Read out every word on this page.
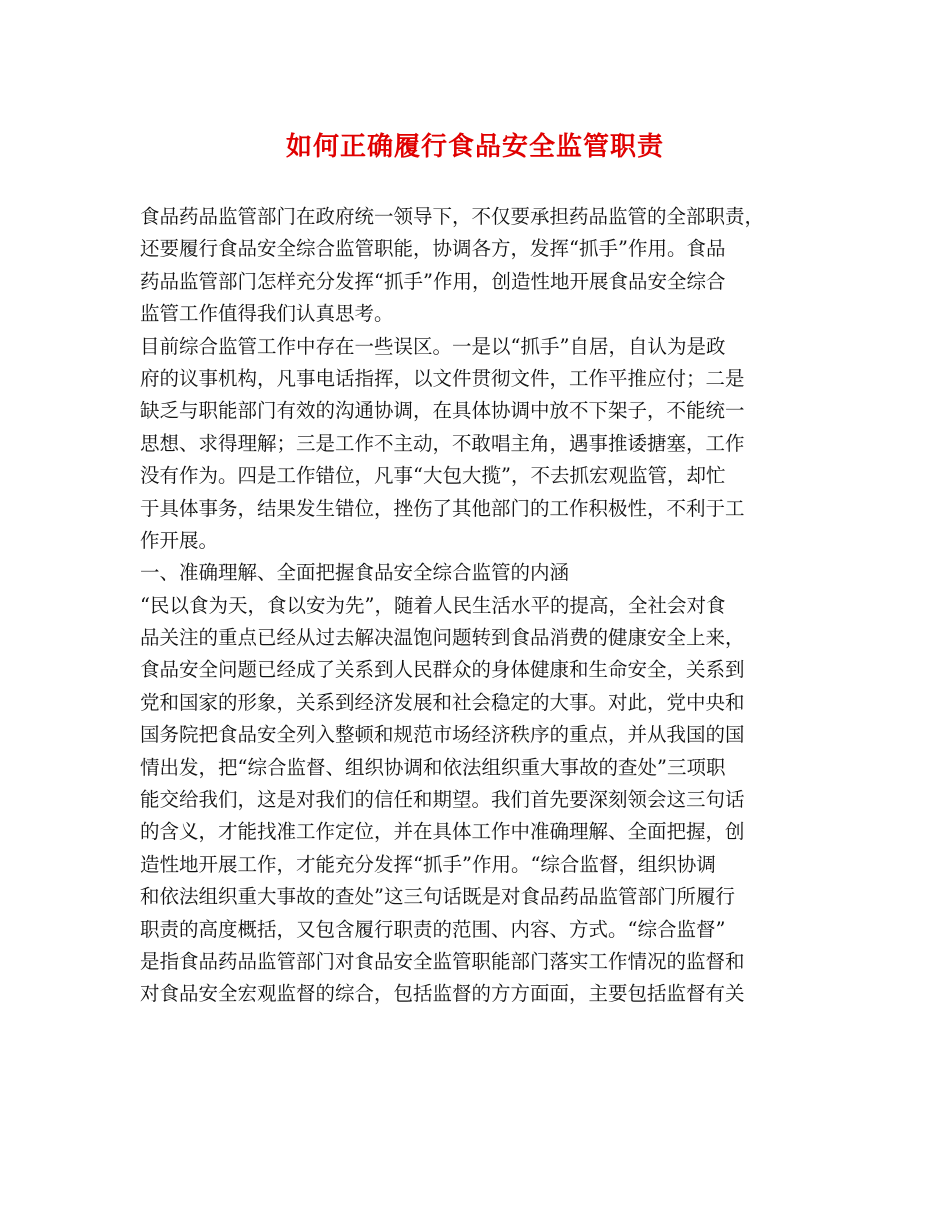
如何正确履行食品安全监管职责
食品药品监管部门在政府统一领导下，不仅要承担药品监管的全部职责，
还要履行食品安全综合监管职能，协调各方，发挥“抓手”作用。食品
药品监管部门怎样充分发挥“抓手”作用，创造性地开展食品安全综合
监管工作值得我们认真思考。
目前综合监管工作中存在一些误区。一是以“抓手”自居，自认为是政
府的议事机构，凡事电话指挥，以文件贯彻文件，工作平推应付；二是
缺乏与职能部门有效的沟通协调，在具体协调中放不下架子，不能统一
思想、求得理解；三是工作不主动，不敢唱主角，遇事推诿搪塞，工作
没有作为。四是工作错位，凡事“大包大揽”，不去抓宏观监管，却忙
于具体事务，结果发生错位，挫伤了其他部门的工作积极性，不利于工
作开展。
一、准确理解、全面把握食品安全综合监管的内涵
“民以食为天，食以安为先”，随着人民生活水平的提高，全社会对食
品关注的重点已经从过去解决温饱问题转到食品消费的健康安全上来，
食品安全问题已经成了关系到人民群众的身体健康和生命安全，关系到
党和国家的形象，关系到经济发展和社会稳定的大事。对此，党中央和
国务院把食品安全列入整顿和规范市场经济秩序的重点，并从我国的国
情出发，把“综合监督、组织协调和依法组织重大事故的查处”三项职
能交给我们，这是对我们的信任和期望。我们首先要深刻领会这三句话
的含义，才能找准工作定位，并在具体工作中准确理解、全面把握，创
造性地开展工作，才能充分发挥“抓手”作用。“综合监督，组织协调
和依法组织重大事故的查处”这三句话既是对食品药品监管部门所履行
职责的高度概括，又包含履行职责的范围、内容、方式。“综合监督”
是指食品药品监管部门对食品安全监管职能部门落实工作情况的监督和
对食品安全宏观监督的综合，包括监督的方方面面，主要包括监督有关
